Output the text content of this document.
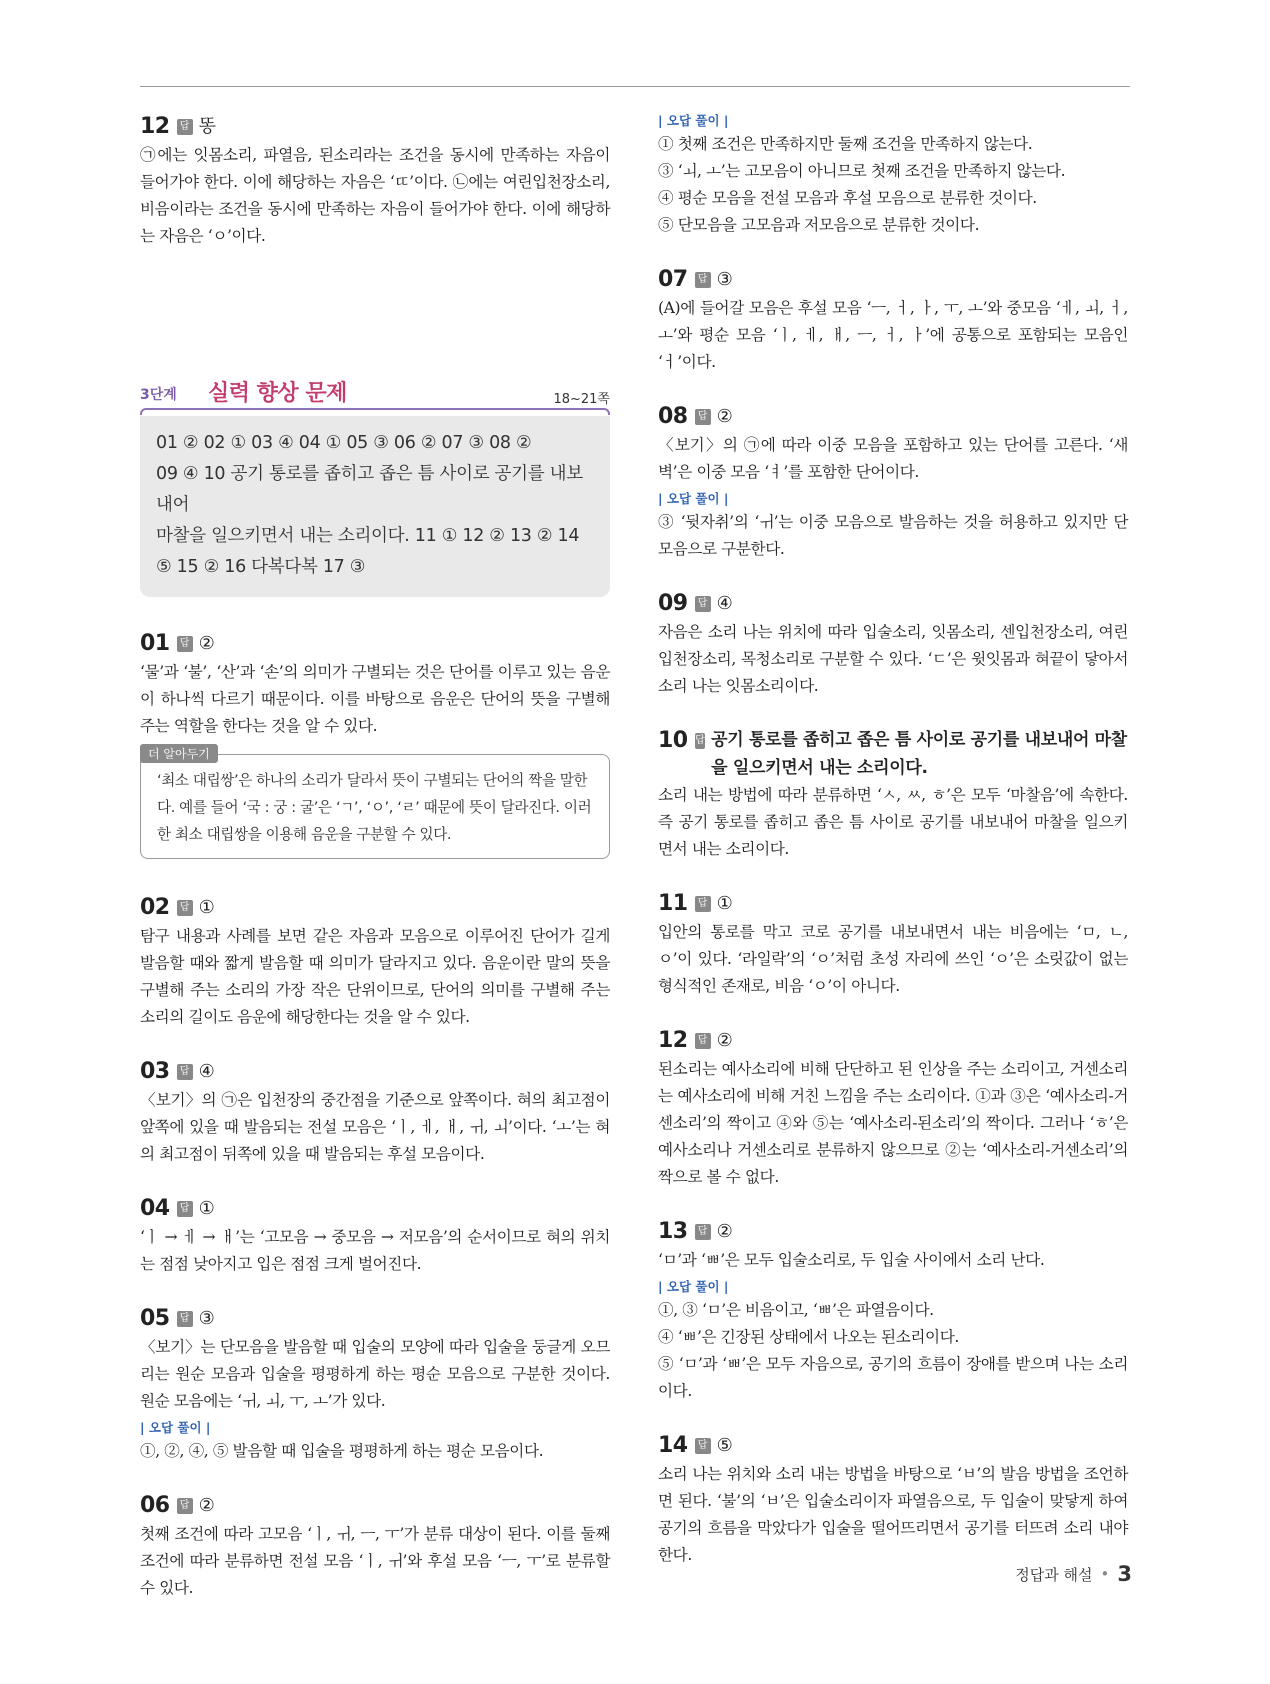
12	답 똥

㉠에는 잇몸소리, 파열음, 된소리라는 조건을 동시에 만족하는 자음이 들어가야 한다. 이에 해당하는 자음은 ‘ㄸ’이다. ㉡에는 여린입천장소리, 비음이라는 조건을 동시에 만족하는 자음이 들어가야 한다. 이에 해당하는 자음은 ‘ㅇ’이다.

3단계 실력 향상 문제	18~21쪽

01 ② 02 ① 03 ④ 04 ① 05 ③ 06 ② 07 ③ 08 ②

09 ④ 10 공기 통로를 좁히고 좁은 틈 사이로 공기를 내보내어

마찰을 일으키면서 내는 소리이다. 11 ① 12 ② 13 ② 14

⑤ 15 ② 16 다복다복 17 ③

01	답 ②

‘물’과 ‘불’, ‘산’과 ‘손’의 의미가 구별되는 것은 단어를 이루고 있는 음운이 하나씩 다르기 때문이다. 이를 바탕으로 음운은 단어의 뜻을 구별해 주는 역할을 한다는 것을 알 수 있다.

더 알아두기

‘최소 대립쌍’은 하나의 소리가 달라서 뜻이 구별되는 단어의 짝을 말한다. 예를 들어 ‘국 : 궁 : 굴’은 ‘ㄱ’, ‘ㅇ’, ‘ㄹ’ 때문에 뜻이 달라진다. 이러한 최소 대립쌍을 이용해 음운을 구분할 수 있다.

02	답 ①

탐구 내용과 사례를 보면 같은 자음과 모음으로 이루어진 단어가 길게 발음할 때와 짧게 발음할 때 의미가 달라지고 있다. 음운이란 말의 뜻을 구별해 주는 소리의 가장 작은 단위이므로, 단어의 의미를 구별해 주는 소리의 길이도 음운에 해당한다는 것을 알 수 있다.

03	답 ④

〈보기〉의 ㉠은 입천장의 중간점을 기준으로 앞쪽이다. 혀의 최고점이 앞쪽에 있을 때 발음되는 전설 모음은 ‘ㅣ, ㅔ, ㅐ, ㅟ, ㅚ’이다. ‘ㅗ’는 혀의 최고점이 뒤쪽에 있을 때 발음되는 후설 모음이다.

04	답 ①

‘ㅣ → ㅔ → ㅐ’는 ‘고모음 → 중모음 → 저모음’의 순서이므로 혀의 위치는 점점 낮아지고 입은 점점 크게 벌어진다.

05	답 ③

〈보기〉는 단모음을 발음할 때 입술의 모양에 따라 입술을 둥글게 오므리는 원순 모음과 입술을 평평하게 하는 평순 모음으로 구분한 것이다. 원순 모음에는 ‘ㅟ, ㅚ, ㅜ, ㅗ’가 있다.

| 오답 풀이 |

①, ②, ④, ⑤ 발음할 때 입술을 평평하게 하는 평순 모음이다.

06	답 ②

첫째 조건에 따라 고모음 ‘ㅣ, ㅟ, ㅡ, ㅜ’가 분류 대상이 된다. 이를 둘째 조건에 따라 분류하면 전설 모음 ‘ㅣ, ㅟ’와 후설 모음 ‘ㅡ, ㅜ’로 분류할 수 있다.

| 오답 풀이 |

① 첫째 조건은 만족하지만 둘째 조건을 만족하지 않는다.

③ ‘ㅚ, ㅗ’는 고모음이 아니므로 첫째 조건을 만족하지 않는다.

④ 평순 모음을 전설 모음과 후설 모음으로 분류한 것이다.

⑤ 단모음을 고모음과 저모음으로 분류한 것이다.

07	답 ③

(A)에 들어갈 모음은 후설 모음 ‘ㅡ, ㅓ, ㅏ, ㅜ, ㅗ’와 중모음 ‘ㅔ, ㅚ, ㅓ, ㅗ’와 평순 모음 ‘ㅣ, ㅔ, ㅐ, ㅡ, ㅓ, ㅏ’에 공통으로 포함되는 모음인 ‘ㅓ’이다.

08	답 ②

〈보기〉의 ㉠에 따라 이중 모음을 포함하고 있는 단어를 고른다. ‘새벽’은 이중 모음 ‘ㅕ’를 포함한 단어이다.

| 오답 풀이 |

③ ‘뒷자취’의 ‘ㅟ’는 이중 모음으로 발음하는 것을 허용하고 있지만 단모음으로 구분한다.

09	답 ④

자음은 소리 나는 위치에 따라 입술소리, 잇몸소리, 센입천장소리, 여린입천장소리, 목청소리로 구분할 수 있다. ‘ㄷ’은 윗잇몸과 혀끝이 닿아서 소리 나는 잇몸소리이다.

10 답 공기 통로를 좁히고 좁은 틈 사이로 공기를 내보내어 마찰을 일으키면서 내는 소리이다.

소리 내는 방법에 따라 분류하면 ‘ㅅ, ㅆ, ㅎ’은 모두 ‘마찰음’에 속한다. 즉 공기 통로를 좁히고 좁은 틈 사이로 공기를 내보내어 마찰을 일으키면서 내는 소리이다.

11	답 ①

입안의 통로를 막고 코로 공기를 내보내면서 내는 비음에는 ‘ㅁ, ㄴ, ㅇ’이 있다. ‘라일락’의 ‘ㅇ’처럼 초성 자리에 쓰인 ‘ㅇ’은 소릿값이 없는 형식적인 존재로, 비음 ‘ㅇ’이 아니다.

12	답 ②

된소리는 예사소리에 비해 단단하고 된 인상을 주는 소리이고, 거센소리는 예사소리에 비해 거친 느낌을 주는 소리이다. ①과 ③은 ‘예사소리-거센소리’의 짝이고 ④와 ⑤는 ‘예사소리-된소리’의 짝이다. 그러나 ‘ㅎ’은 예사소리나 거센소리로 분류하지 않으므로 ②는 ‘예사소리-거센소리’의 짝으로 볼 수 없다.

13	답 ②

‘ㅁ’과 ‘ㅃ’은 모두 입술소리로, 두 입술 사이에서 소리 난다.

| 오답 풀이 |

①, ③ ‘ㅁ’은 비음이고, ‘ㅃ’은 파열음이다.

④ ‘ㅃ’은 긴장된 상태에서 나오는 된소리이다.

⑤ ‘ㅁ’과 ‘ㅃ’은 모두 자음으로, 공기의 흐름이 장애를 받으며 나는 소리이다.

14	답 ⑤

소리 나는 위치와 소리 내는 방법을 바탕으로 ‘ㅂ’의 발음 방법을 조언하면 된다. ‘불’의 ‘ㅂ’은 입술소리이자 파열음으로, 두 입술이 맞닿게 하여 공기의 흐름을 막았다가 입술을 떨어뜨리면서 공기를 터뜨려 소리 내야 한다.

정답과 해설 • 3
